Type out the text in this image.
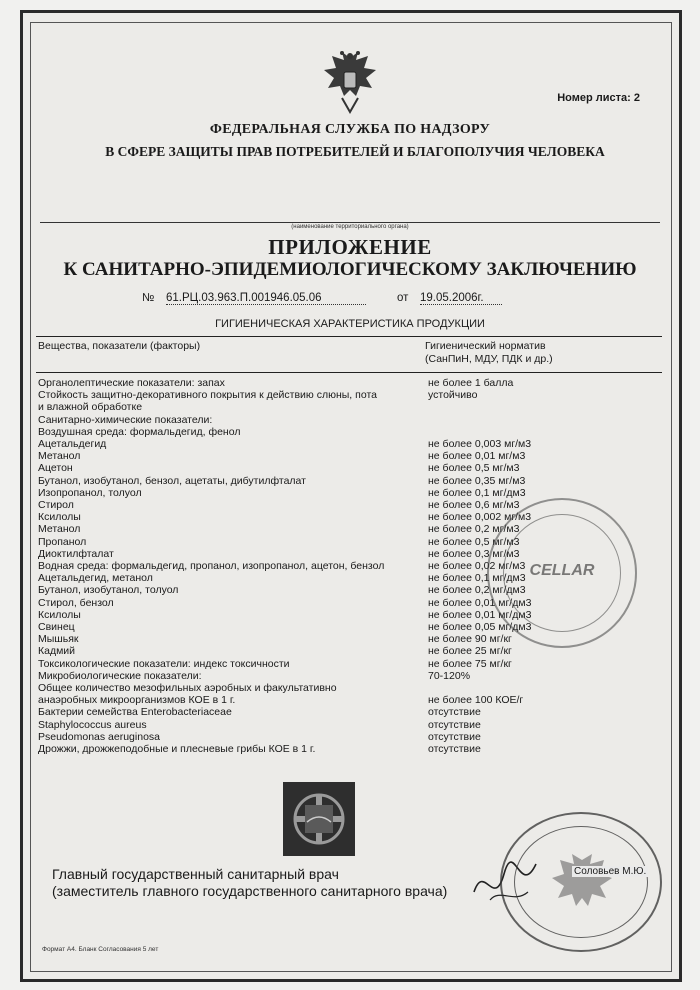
Номер листа: 2
ФЕДЕРАЛЬНАЯ СЛУЖБА ПО НАДЗОРУ
В СФЕРЕ ЗАЩИТЫ ПРАВ ПОТРЕБИТЕЛЕЙ И БЛАГОПОЛУЧИЯ ЧЕЛОВЕКА
(наименование территориального органа)
ПРИЛОЖЕНИЕ
К САНИТАРНО-ЭПИДЕМИОЛОГИЧЕСКОМУ ЗАКЛЮЧЕНИЮ
№ 61.РЦ.03.963.П.001946.05.06	от 19.05.2006г.
ГИГИЕНИЧЕСКАЯ ХАРАКТЕРИСТИКА ПРОДУКЦИИ
Вещества, показатели (факторы)	Гигиенический норматив
(СанПиН, МДУ, ПДК и др.)
Органолептические показатели: запах	не более 1 балла
Стойкость защитно-декоративного покрытия к действию слюны, пота	устойчиво
и влажной обработке
Санитарно-химические показатели:
Воздушная среда: формальдегид, фенол
Ацетальдегид	не более 0,003 мг/м3
Метанол	не более 0,01 мг/м3
Ацетон	не более 0,5 мг/м3
Бутанол, изобутанол, бензол, ацетаты, дибутилфталат	не более 0,35 мг/м3
Изопропанол, толуол	не более 0,1 мг/дм3
Стирол	не более 0,6 мг/м3
Ксилолы	не более 0,002 мг/м3
Метанол	не более 0,2 мг/м3
Пропанол	не более 0,5 мг/м3
Диоктилфталат	не более 0,3 мг/м3
Водная среда: формальдегид, пропанол, изопропанол, ацетон, бензол	не более 0,02 мг/м3
Ацетальдегид, метанол	не более 0,1 мг/дм3
Бутанол, изобутанол, толуол	не более 0,2 мг/дм3
Стирол, бензол	не более 0,01 мг/дм3
Ксилолы	не более 0,01 мг/дм3
Свинец	не более 0,05 мг/дм3
Мышьяк	не более 90 мг/кг
Кадмий	не более 25 мг/кг
Токсикологические показатели: индекс токсичности	не более 75 мг/кг
Микробиологические показатели:	70-120%
Общее количество мезофильных аэробных и факультативно
анаэробных микроорганизмов КОЕ в 1 г.	не более 100 КОЕ/г
Бактерии семейства Enterobacteriaceae	отсутствие
Staphylococcus aureus	отсутствие
Pseudomonas aeruginosa	отсутствие
Дрожжи, дрожжеподобные и плесневые грибы КОЕ в 1 г.	отсутствие
CELLAR
Главный государственный санитарный врач
(заместитель главного государственного санитарного врача)
Соловьев М.Ю.
Формат А4. Бланк Согласования 5 лет
